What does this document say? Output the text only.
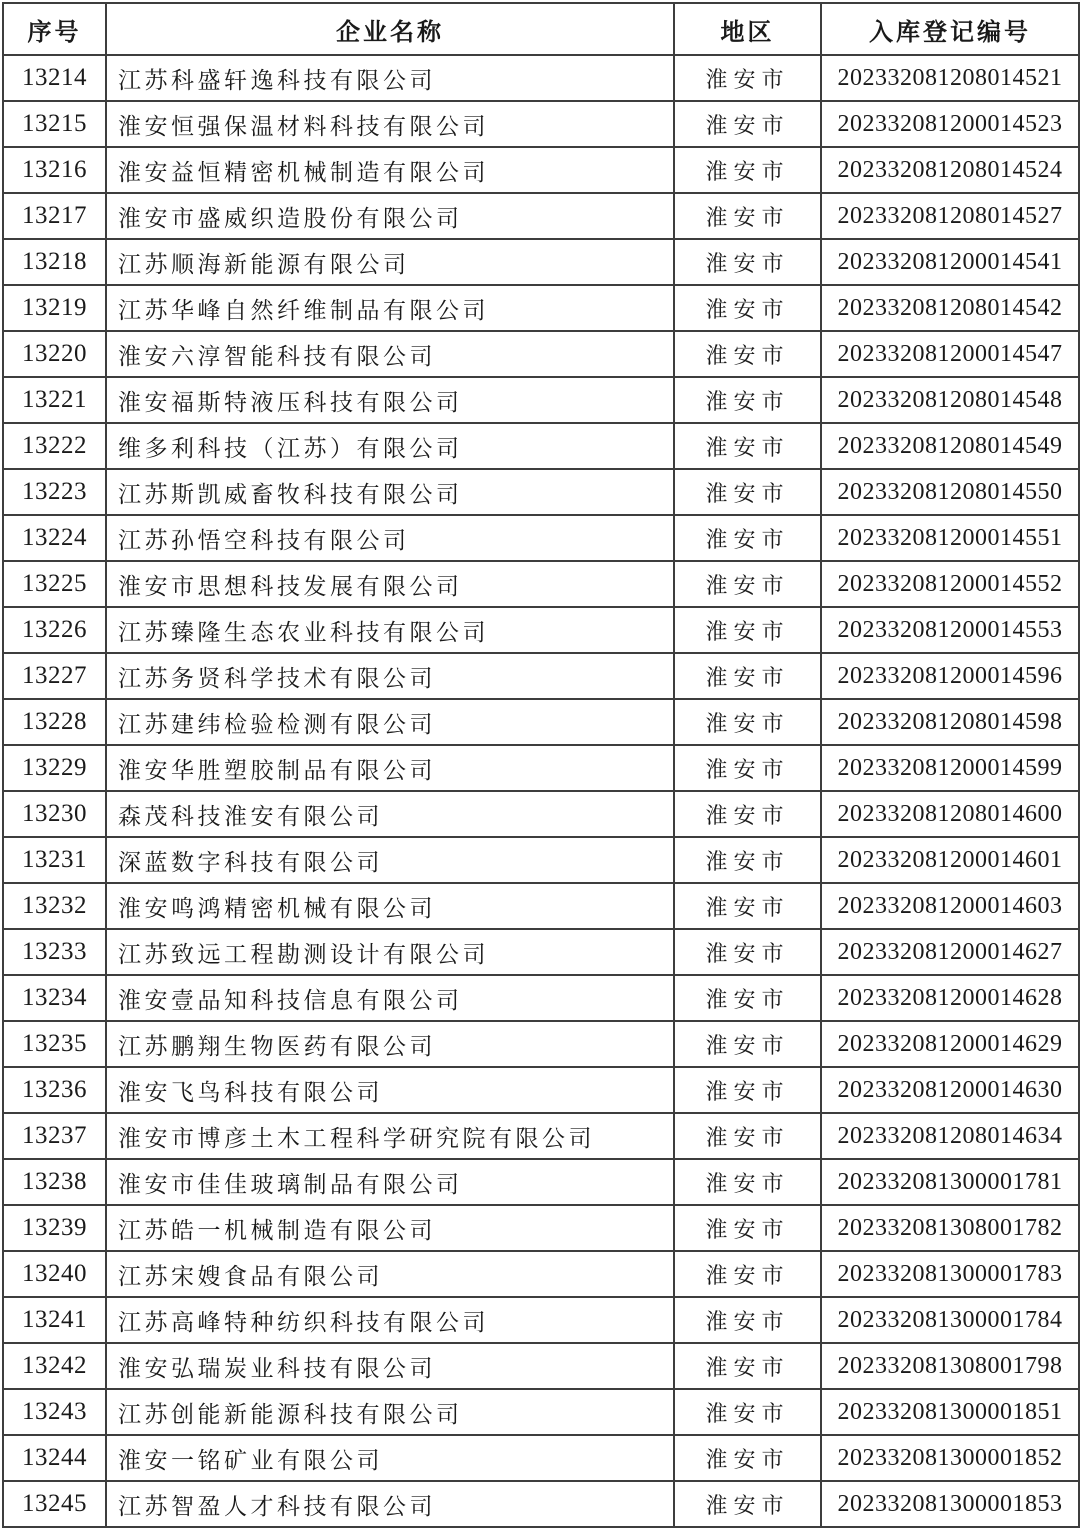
序号	企业名称	地区	入库登记编号
13214	江苏科盛轩逸科技有限公司	淮安市	202332081208014521
13215	淮安恒强保温材料科技有限公司	淮安市	202332081200014523
13216	淮安益恒精密机械制造有限公司	淮安市	202332081208014524
13217	淮安市盛威织造股份有限公司	淮安市	202332081208014527
13218	江苏顺海新能源有限公司	淮安市	202332081200014541
13219	江苏华峰自然纤维制品有限公司	淮安市	202332081208014542
13220	淮安六淳智能科技有限公司	淮安市	202332081200014547
13221	淮安福斯特液压科技有限公司	淮安市	202332081208014548
13222	维多利科技（江苏）有限公司	淮安市	202332081208014549
13223	江苏斯凯威畜牧科技有限公司	淮安市	202332081208014550
13224	江苏孙悟空科技有限公司	淮安市	202332081200014551
13225	淮安市思想科技发展有限公司	淮安市	202332081200014552
13226	江苏臻隆生态农业科技有限公司	淮安市	202332081200014553
13227	江苏务贤科学技术有限公司	淮安市	202332081200014596
13228	江苏建纬检验检测有限公司	淮安市	202332081208014598
13229	淮安华胜塑胶制品有限公司	淮安市	202332081200014599
13230	森茂科技淮安有限公司	淮安市	202332081208014600
13231	深蓝数字科技有限公司	淮安市	202332081200014601
13232	淮安鸣鸿精密机械有限公司	淮安市	202332081200014603
13233	江苏致远工程勘测设计有限公司	淮安市	202332081200014627
13234	淮安壹品知科技信息有限公司	淮安市	202332081200014628
13235	江苏鹏翔生物医药有限公司	淮安市	202332081200014629
13236	淮安飞鸟科技有限公司	淮安市	202332081200014630
13237	淮安市博彦土木工程科学研究院有限公司	淮安市	202332081208014634
13238	淮安市佳佳玻璃制品有限公司	淮安市	202332081300001781
13239	江苏皓一机械制造有限公司	淮安市	202332081308001782
13240	江苏宋嫂食品有限公司	淮安市	202332081300001783
13241	江苏高峰特种纺织科技有限公司	淮安市	202332081300001784
13242	淮安弘瑞炭业科技有限公司	淮安市	202332081308001798
13243	江苏创能新能源科技有限公司	淮安市	202332081300001851
13244	淮安一铭矿业有限公司	淮安市	202332081300001852
13245	江苏智盈人才科技有限公司	淮安市	202332081300001853
